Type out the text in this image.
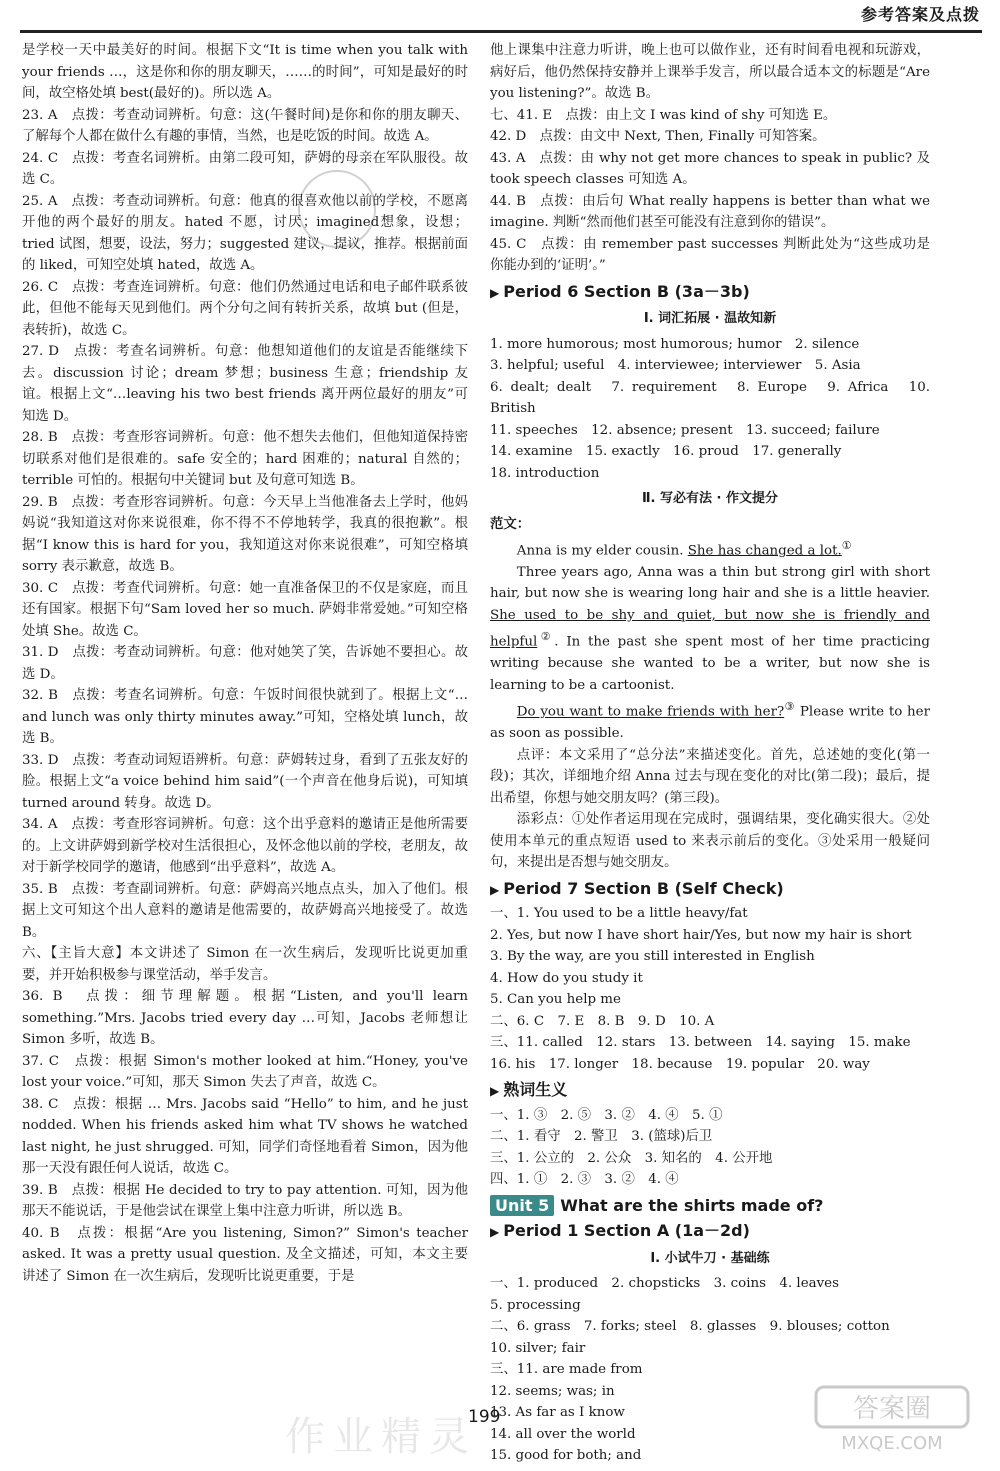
参考答案及点拨

是学校一天中最美好的时间。根据下文“It is time when you talk with your friends …，这是你和你的朋友聊天，……的时间”，可知是最好的时间，故空格处填 best(最好的)。所以选 A。

23. A　点拨：考查动词辨析。句意：这(午餐时间)是你和你的朋友聊天、了解每个人都在做什么有趣的事情，当然，也是吃饭的时间。故选 A。

24. C　点拨：考查名词辨析。由第二段可知，萨姆的母亲在军队服役。故选 C。

25. A　点拨：考查动词辨析。句意：他真的很喜欢他以前的学校，不愿离开他的两个最好的朋友。hated 不愿，讨厌；imagined想象，设想；tried 试图，想要，设法，努力；suggested 建议，提议，推荐。根据前面的 liked，可知空处填 hated，故选 A。

26. C　点拨：考查连词辨析。句意：他们仍然通过电话和电子邮件联系彼此，但他不能每天见到他们。两个分句之间有转折关系，故填 but (但是，表转折)，故选 C。

27. D　点拨：考查名词辨析。句意：他想知道他们的友谊是否能继续下去。discussion 讨论；dream 梦想；business 生意；friendship 友谊。根据上文“…leaving his two best friends 离开两位最好的朋友”可知选 D。

28. B　点拨：考查形容词辨析。句意：他不想失去他们，但他知道保持密切联系对他们是很难的。safe 安全的；hard 困难的；natural 自然的；terrible 可怕的。根据句中关键词 but 及句意可知选 B。

29. B　点拨：考查形容词辨析。句意：今天早上当他准备去上学时，他妈妈说“我知道这对你来说很难，你不得不不停地转学，我真的很抱歉”。根据“I know this is hard for you，我知道这对你来说很难”，可知空格填 sorry 表示歉意，故选 B。

30. C　点拨：考查代词辨析。句意：她一直准备保卫的不仅是家庭，而且还有国家。根据下句“Sam loved her so much. 萨姆非常爱她。”可知空格处填 She。故选 C。

31. D　点拨：考查动词辨析。句意：他对她笑了笑，告诉她不要担心。故选 D。

32. B　点拨：考查名词辨析。句意：午饭时间很快就到了。根据上文“…and lunch was only thirty minutes away.”可知，空格处填 lunch，故选 B。

33. D　点拨：考查动词短语辨析。句意：萨姆转过身，看到了五张友好的脸。根据上文“a voice behind him said”(一个声音在他身后说)，可知填 turned around 转身。故选 D。

34. A　点拨：考查形容词辨析。句意：这个出乎意料的邀请正是他所需要的。上文讲萨姆到新学校对生活很担心，及怀念他以前的学校，老朋友，故对于新学校同学的邀请，他感到“出乎意料”，故选 A。

35. B　点拨：考查副词辨析。句意：萨姆高兴地点点头，加入了他们。根据上文可知这个出人意料的邀请是他需要的，故萨姆高兴地接受了。故选 B。

六、【主旨大意】本文讲述了 Simon 在一次生病后，发现听比说更加重要，并开始积极参与课堂活动，举手发言。

36. B　点拨：细节理解题。根据“Listen, and you'll learn something.”Mrs. Jacobs tried every day …可知，Jacobs 老师想让 Simon 多听，故选 B。

37. C　点拨：根据 Simon's mother looked at him.“Honey, you've lost your voice.”可知，那天 Simon 失去了声音，故选 C。

38. C　点拨：根据 … Mrs. Jacobs said “Hello” to him, and he just nodded. When his friends asked him what TV shows he watched last night, he just shrugged. 可知，同学们奇怪地看着 Simon，因为他那一天没有跟任何人说话，故选 C。

39. B　点拨：根据 He decided to try to pay attention. 可知，因为他那天不能说话，于是他尝试在课堂上集中注意力听讲，所以选 B。

40. B　点拨：根据“Are you listening, Simon?” Simon's teacher asked. It was a pretty usual question. 及全文描述，可知，本文主要讲述了 Simon 在一次生病后，发现听比说更重要，于是

他上课集中注意力听讲，晚上也可以做作业，还有时间看电视和玩游戏，病好后，他仍然保持安静并上课举手发言，所以最合适本文的标题是“Are you listening?”。故选 B。

七、41. E　点拨：由上文 I was kind of shy 可知选 E。

42. D　点拨：由文中 Next, Then, Finally 可知答案。

43. A　点拨：由 why not get more chances to speak in public? 及 took speech classes 可知选 A。

44. B　点拨：由后句 What really happens is better than what we imagine. 判断“然而他们甚至可能没有注意到你的错误”。

45. C　点拨：由 remember past successes 判断此处为“这些成功是你能办到的‘证明’。”

▶ Period 6 Section B (3a－3b)
Ⅰ. 词汇拓展 · 温故知新

1. more humorous; most humorous; humor　2. silence

3. helpful; useful　4. interviewee; interviewer　5. Asia

6. dealt; dealt　7. requirement　8. Europe　9. Africa　10. British

11. speeches　12. absence; present　13. succeed; failure

14. examine　15. exactly　16. proud　17. generally

18. introduction

Ⅱ. 写必有法 · 作文提分

范文：

Anna is my elder cousin. She has changed a lot.①

Three years ago, Anna was a thin but strong girl with short hair, but now she is wearing long hair and she is a little heavier. She used to be shy and quiet, but now she is friendly and helpful②. In the past she spent most of her time practicing writing because she wanted to be a writer, but now she is learning to be a cartoonist.

Do you want to make friends with her?③ Please write to her as soon as possible.

点评：本文采用了“总分法”来描述变化。首先，总述她的变化(第一段)；其次，详细地介绍 Anna 过去与现在变化的对比(第二段)；最后，提出希望，你想与她交朋友吗？(第三段)。

添彩点：①处作者运用现在完成时，强调结果，变化确实很大。②处使用本单元的重点短语 used to 来表示前后的变化。③处采用一般疑问句，来提出是否想与她交朋友。

▶ Period 7 Section B (Self Check)

一、1. You used to be a little heavy/fat

2. Yes, but now I have short hair/Yes, but now my hair is short

3. By the way, are you still interested in English

4. How do you study it

5. Can you help me

二、6. C　7. E　8. B　9. D　10. A

三、11. called　12. stars　13. between　14. saying　15. make

16. his　17. longer　18. because　19. popular　20. way

▶ 熟词生义

一、1. ③　2. ⑤　3. ②　4. ④　5. ①

二、1. 看守　2. 警卫　3. (篮球)后卫

三、1. 公立的　2. 公众　3. 知名的　4. 公开地

四、1. ①　2. ③　3. ②　4. ④

Unit 5 What are the shirts made of?
▶ Period 1 Section A (1a－2d)
Ⅰ. 小试牛刀 · 基础练

一、1. produced　2. chopsticks　3. coins　4. leaves

5. processing

二、6. grass　7. forks; steel　8. glasses　9. blouses; cotton

10. silver; fair

三、11. are made from

12. seems; was; in

13. As far as I know

14. all over the world

15. good for both; and

199
作业精灵
答案圈
MXQE.COM
